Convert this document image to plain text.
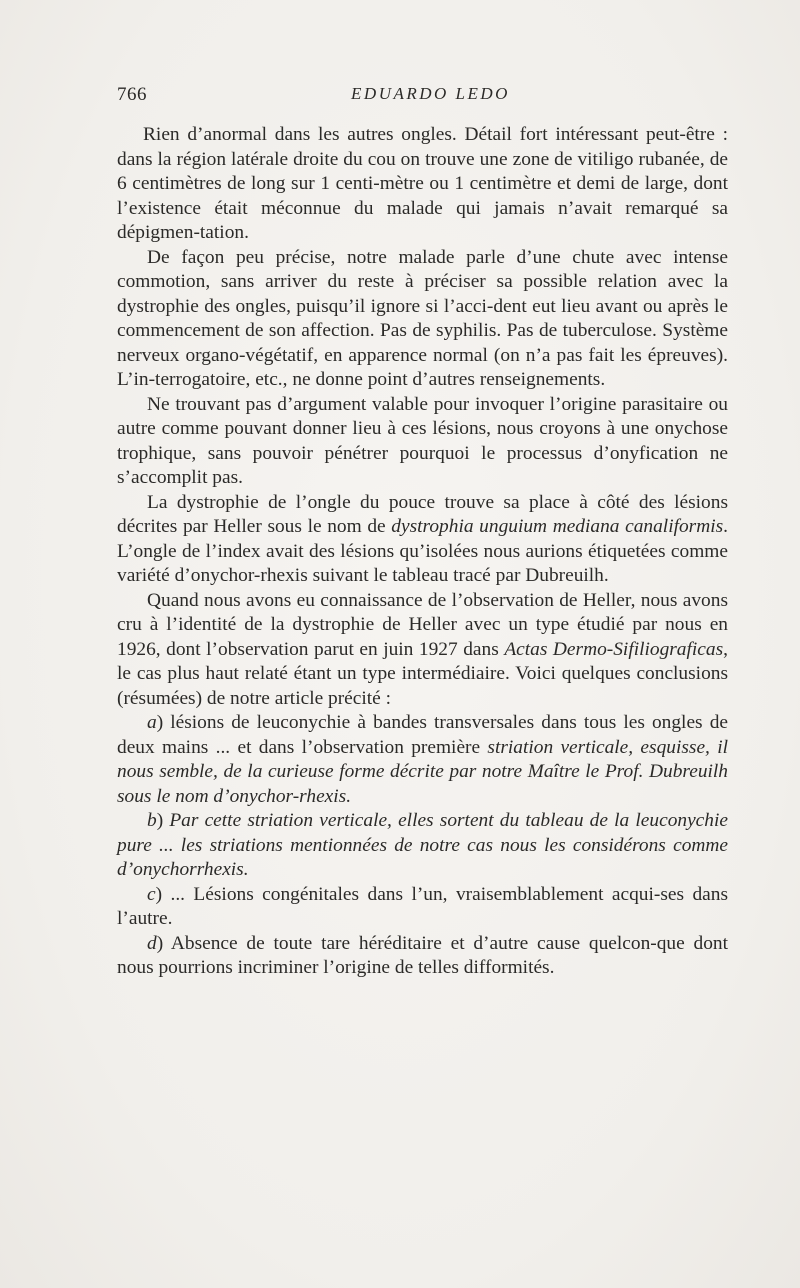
766	EDUARDO LEDO

Rien d’anormal dans les autres ongles. Détail fort intéressant peut-être : dans la région latérale droite du cou on trouve une zone de vitiligo rubanée, de 6 centimètres de long sur 1 centi-mètre ou 1 centimètre et demi de large, dont l’existence était méconnue du malade qui jamais n’avait remarqué sa dépigmen-tation.

De façon peu précise, notre malade parle d’une chute avec intense commotion, sans arriver du reste à préciser sa possible relation avec la dystrophie des ongles, puisqu’il ignore si l’acci-dent eut lieu avant ou après le commencement de son affection. Pas de syphilis. Pas de tuberculose. Système nerveux organo-végétatif, en apparence normal (on n’a pas fait les épreuves). L’in-terrogatoire, etc., ne donne point d’autres renseignements.

Ne trouvant pas d’argument valable pour invoquer l’origine parasitaire ou autre comme pouvant donner lieu à ces lésions, nous croyons à une onychose trophique, sans pouvoir pénétrer pourquoi le processus d’onyfication ne s’accomplit pas.

La dystrophie de l’ongle du pouce trouve sa place à côté des lésions décrites par Heller sous le nom de dystrophia unguium mediana canaliformis. L’ongle de l’index avait des lésions qu’isolées nous aurions étiquetées comme variété d’onychor-rhexis suivant le tableau tracé par Dubreuilh.

Quand nous avons eu connaissance de l’observation de Heller, nous avons cru à l’identité de la dystrophie de Heller avec un type étudié par nous en 1926, dont l’observation parut en juin 1927 dans Actas Dermo-Sifiliograficas, le cas plus haut relaté étant un type intermédiaire. Voici quelques conclusions (résumées) de notre article précité :

a) lésions de leuconychie à bandes transversales dans tous les ongles de deux mains ... et dans l’observation première striation verticale, esquisse, il nous semble, de la curieuse forme décrite par notre Maître le Prof. Dubreuilh sous le nom d’onychor-rhexis.

b) Par cette striation verticale, elles sortent du tableau de la leuconychie pure ... les striations mentionnées de notre cas nous les considérons comme d’onychorrhexis.

c) ... Lésions congénitales dans l’un, vraisemblablement acqui-ses dans l’autre.

d) Absence de toute tare héréditaire et d’autre cause quelcon-que dont nous pourrions incriminer l’origine de telles difformités.
